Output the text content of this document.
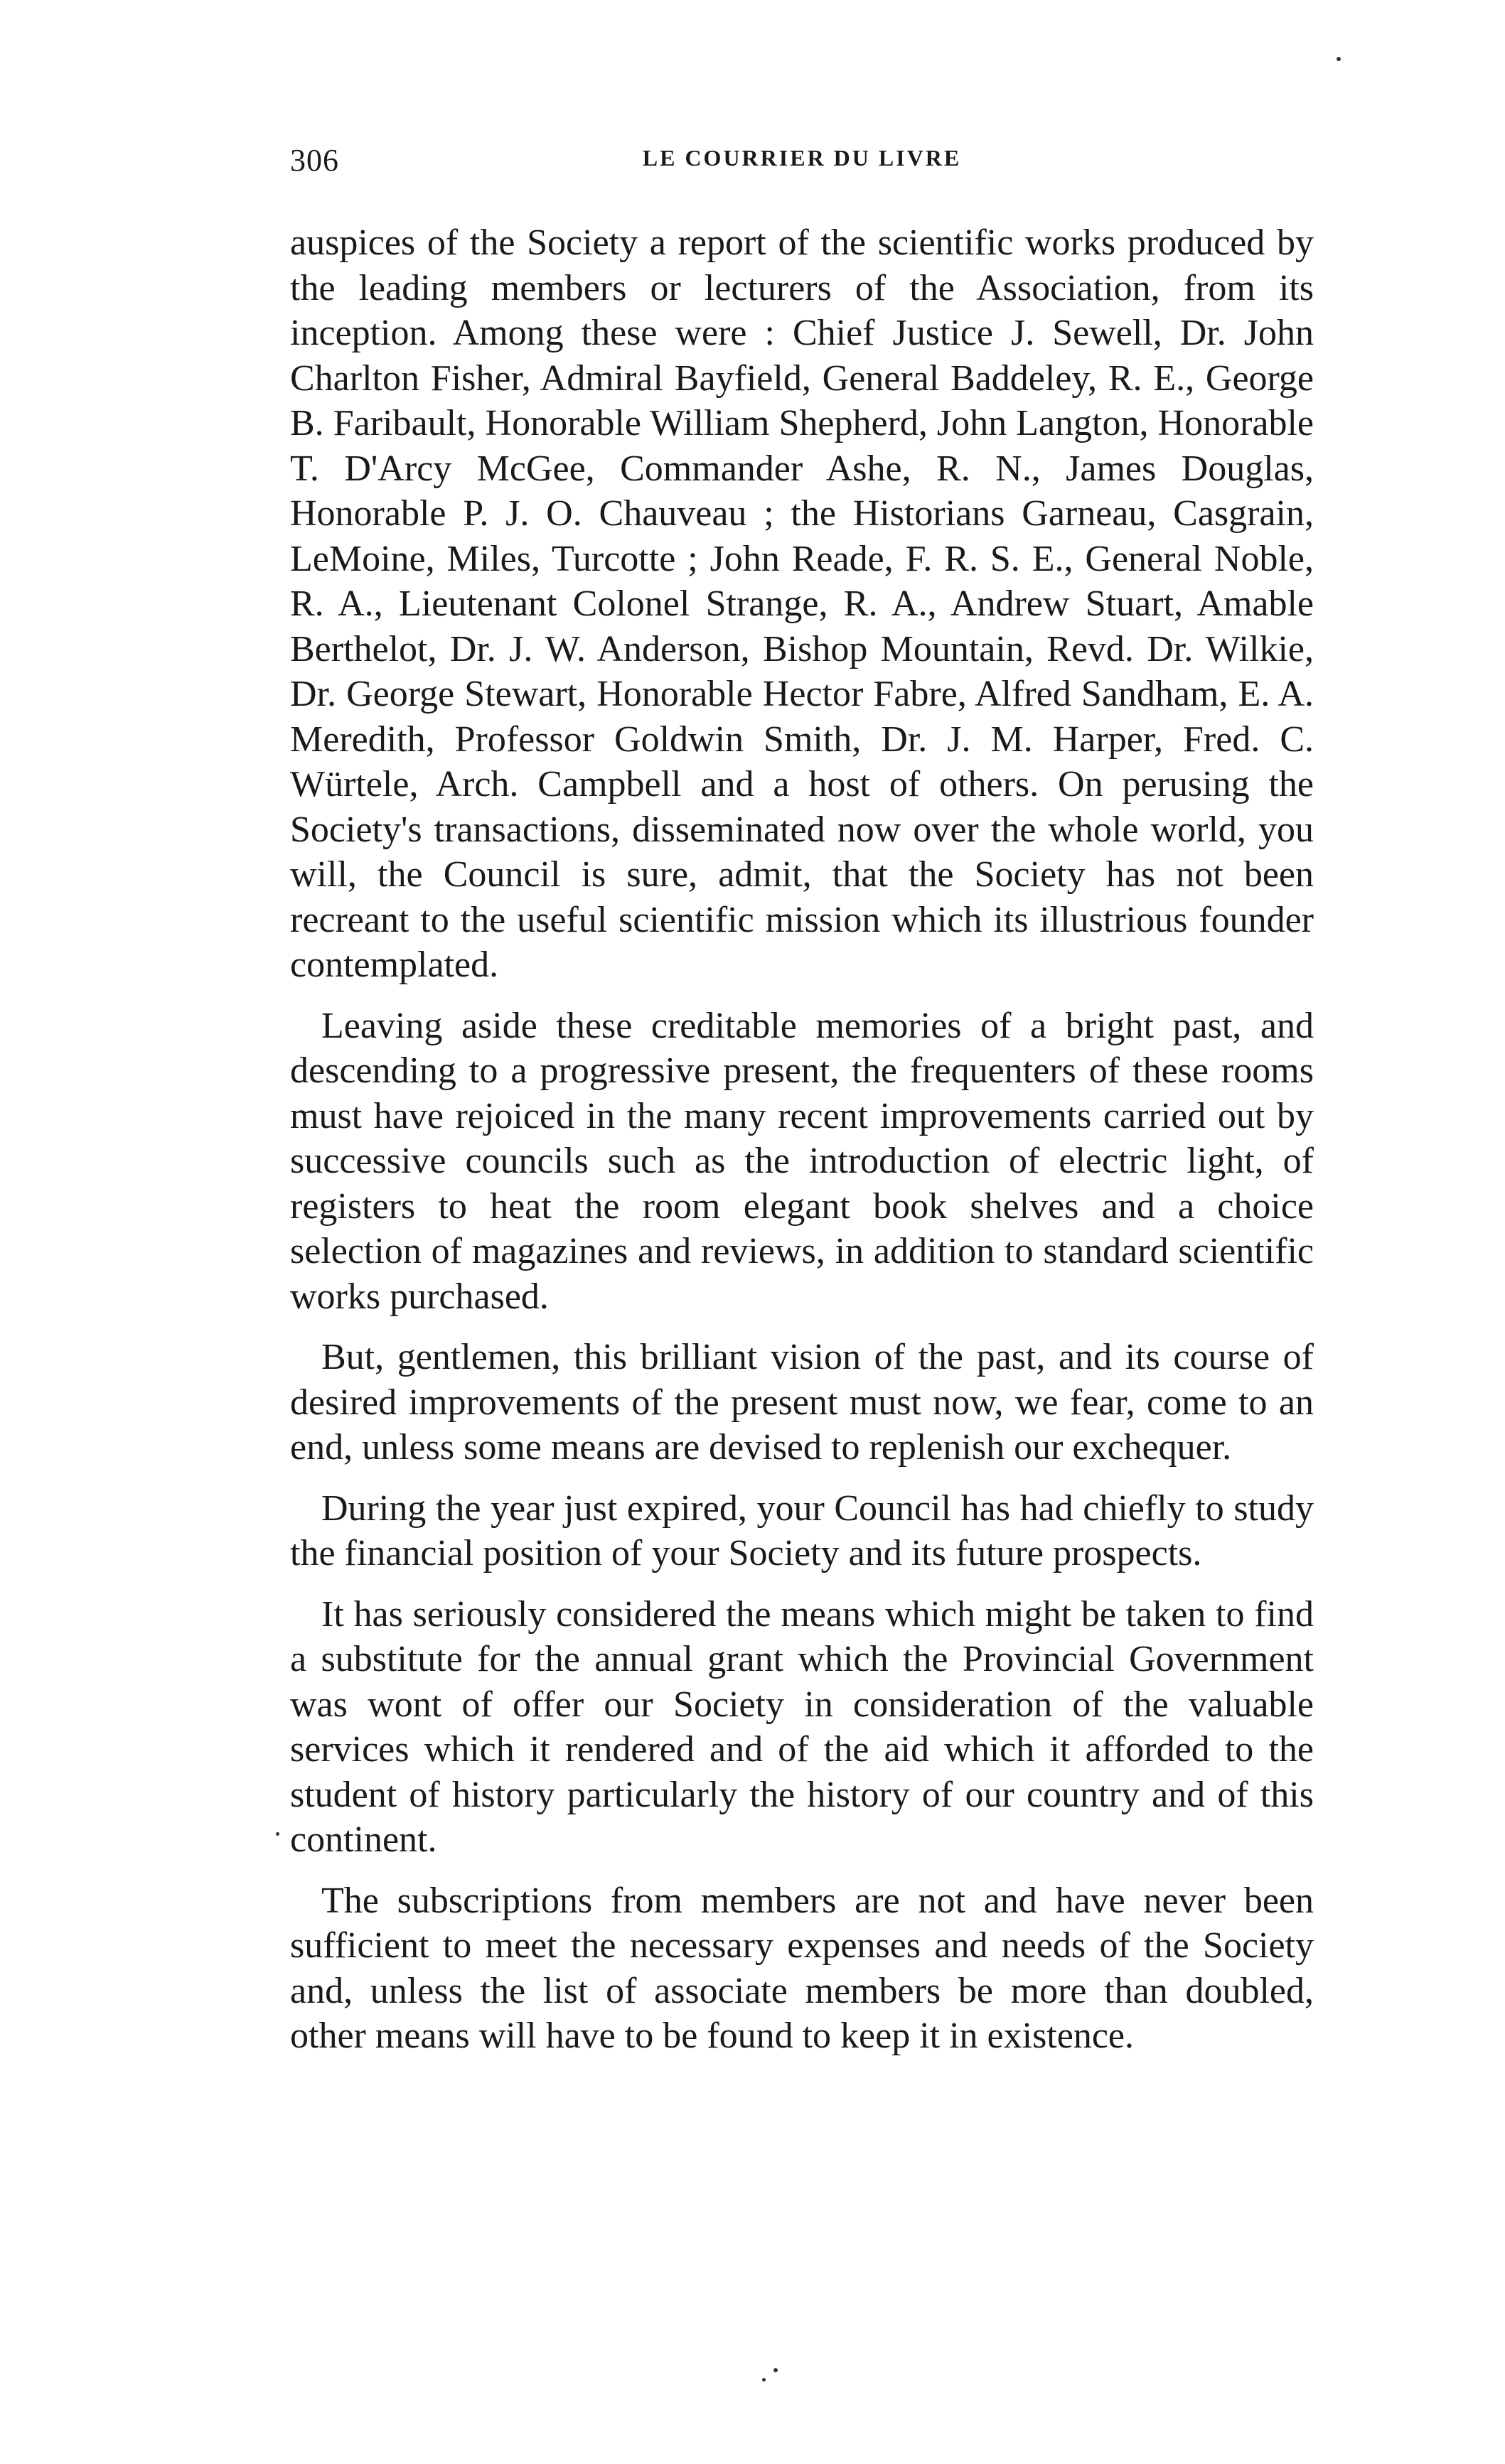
306	LE COURRIER DU LIVRE

auspices of the Society a report of the scientific works produced by the leading members or lecturers of the Association, from its inception. Among these were : Chief Justice J. Sewell, Dr. John Charlton Fisher, Admiral Bayfield, General Baddeley, R. E., George B. Faribault, Honorable William Shepherd, John Langton, Honorable T. D'Arcy McGee, Commander Ashe, R. N., James Douglas, Honorable P. J. O. Chauveau ; the Historians Garneau, Casgrain, LeMoine, Miles, Turcotte ; John Reade, F. R. S. E., General Noble, R. A., Lieutenant Colonel Strange, R. A., Andrew Stuart, Amable Berthelot, Dr. J. W. Anderson, Bishop Mountain, Revd. Dr. Wilkie, Dr. George Stewart, Honorable Hector Fabre, Alfred Sandham, E. A. Meredith, Professor Goldwin Smith, Dr. J. M. Harper, Fred. C. Würtele, Arch. Campbell and a host of others. On perusing the Society's transactions, disseminated now over the whole world, you will, the Council is sure, admit, that the Society has not been recreant to the useful scientific mission which its illustrious founder contemplated.

Leaving aside these creditable memories of a bright past, and descending to a progressive present, the frequenters of these rooms must have rejoiced in the many recent improvements carried out by successive councils such as the introduction of electric light, of registers to heat the room elegant book shelves and a choice selection of magazines and reviews, in addition to standard scientific works purchased.

But, gentlemen, this brilliant vision of the past, and its course of desired improvements of the present must now, we fear, come to an end, unless some means are devised to replenish our exchequer.

During the year just expired, your Council has had chiefly to study the financial position of your Society and its future prospects.

It has seriously considered the means which might be taken to find a substitute for the annual grant which the Provincial Government was wont of offer our Society in consideration of the valuable services which it rendered and of the aid which it afforded to the student of history particularly the history of our country and of this continent.

The subscriptions from members are not and have never been sufficient to meet the necessary expenses and needs of the Society and, unless the list of associate members be more than doubled, other means will have to be found to keep it in existence.
